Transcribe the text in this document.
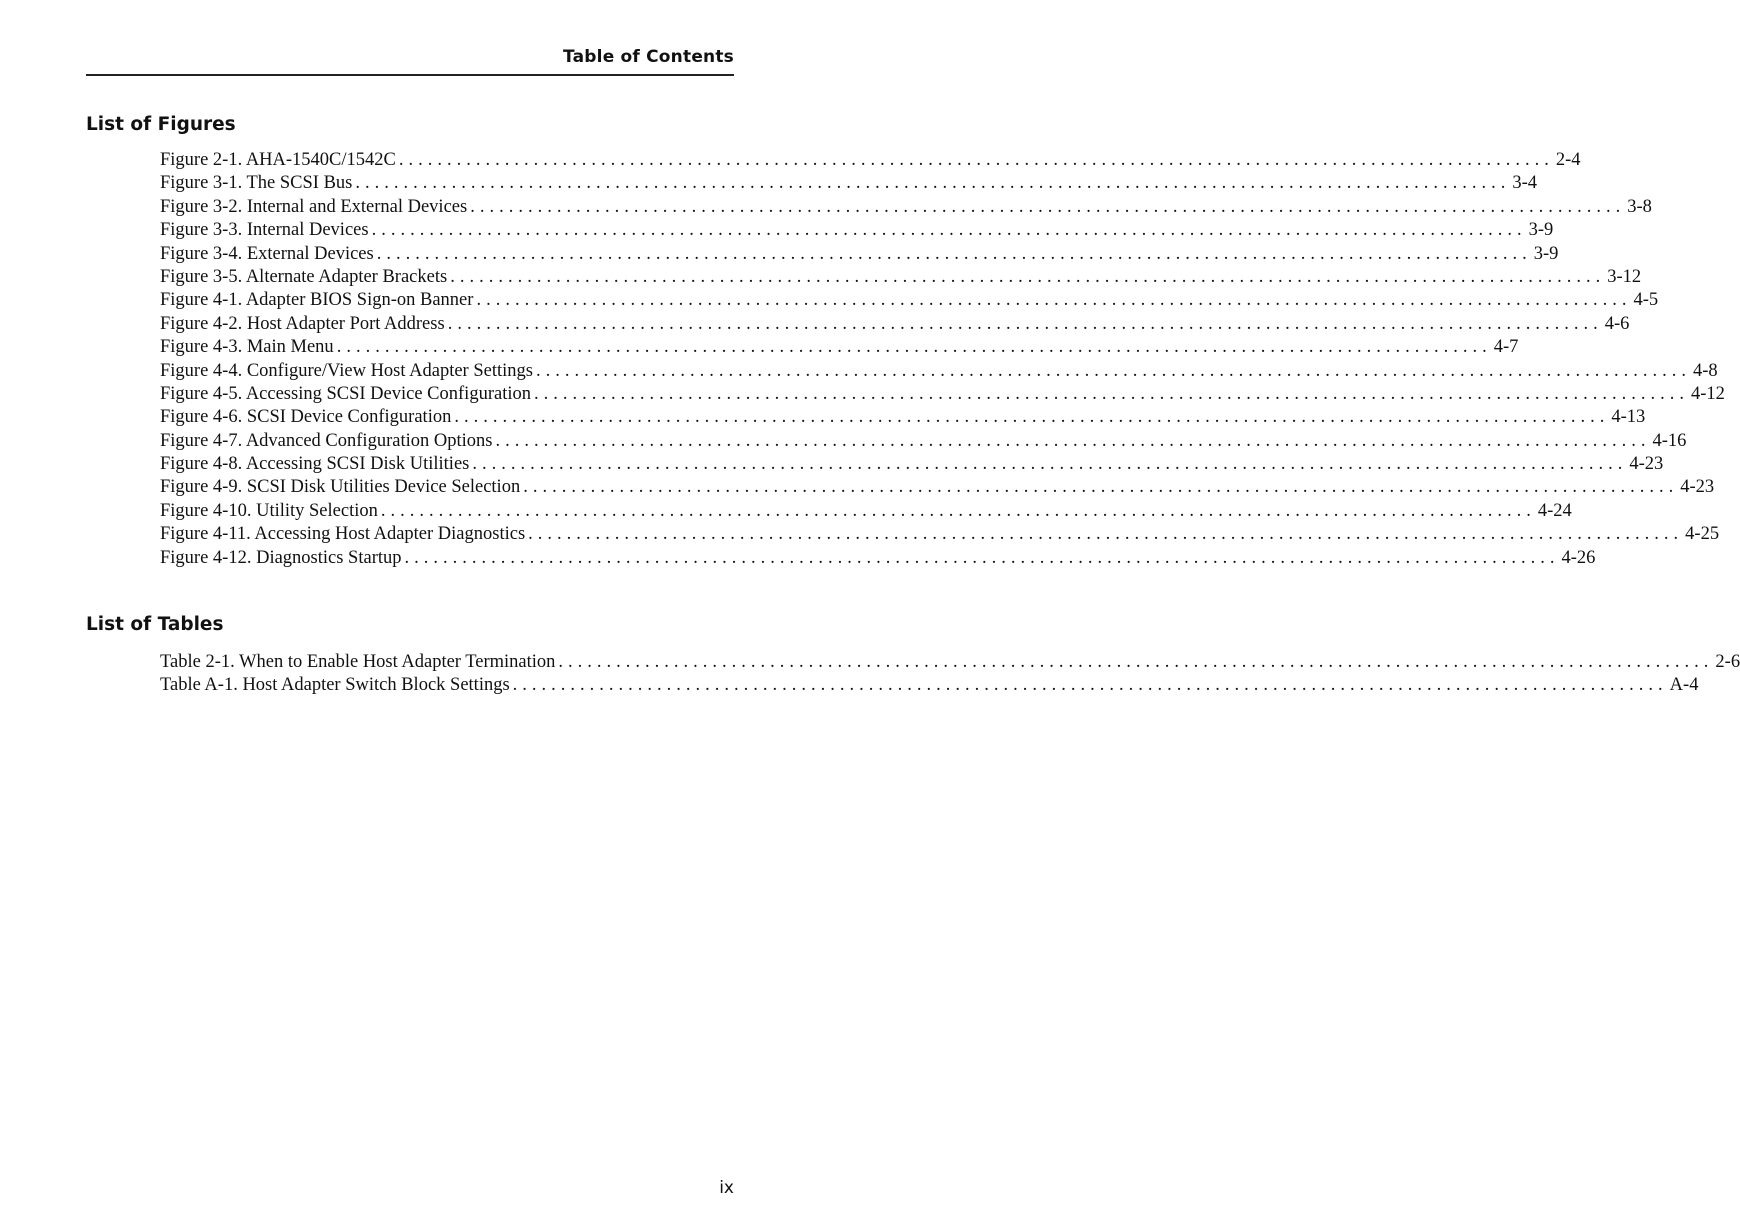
Table of Contents
List of Figures
Figure 2-1. AHA-1540C/1542C ........................................................................................................................ 2-4
Figure 3-1. The SCSI Bus ........................................................................................................................ 3-4
Figure 3-2. Internal and External Devices ........................................................................................................................ 3-8
Figure 3-3. Internal Devices ........................................................................................................................ 3-9
Figure 3-4. External Devices ........................................................................................................................ 3-9
Figure 3-5. Alternate Adapter Brackets ........................................................................................................................ 3-12
Figure 4-1. Adapter BIOS Sign-on Banner ........................................................................................................................ 4-5
Figure 4-2. Host Adapter Port Address ........................................................................................................................ 4-6
Figure 4-3. Main Menu ........................................................................................................................ 4-7
Figure 4-4. Configure/View Host Adapter Settings ........................................................................................................................ 4-8
Figure 4-5. Accessing SCSI Device Configuration ........................................................................................................................ 4-12
Figure 4-6. SCSI Device Configuration ........................................................................................................................ 4-13
Figure 4-7. Advanced Configuration Options ........................................................................................................................ 4-16
Figure 4-8. Accessing SCSI Disk Utilities ........................................................................................................................ 4-23
Figure 4-9. SCSI Disk Utilities Device Selection ........................................................................................................................ 4-23
Figure 4-10. Utility Selection ........................................................................................................................ 4-24
Figure 4-11. Accessing Host Adapter Diagnostics ........................................................................................................................ 4-25
Figure 4-12. Diagnostics Startup ........................................................................................................................ 4-26
List of Tables
Table 2-1. When to Enable Host Adapter Termination ........................................................................................................................ 2-6
Table A-1. Host Adapter Switch Block Settings ........................................................................................................................ A-4
ix
